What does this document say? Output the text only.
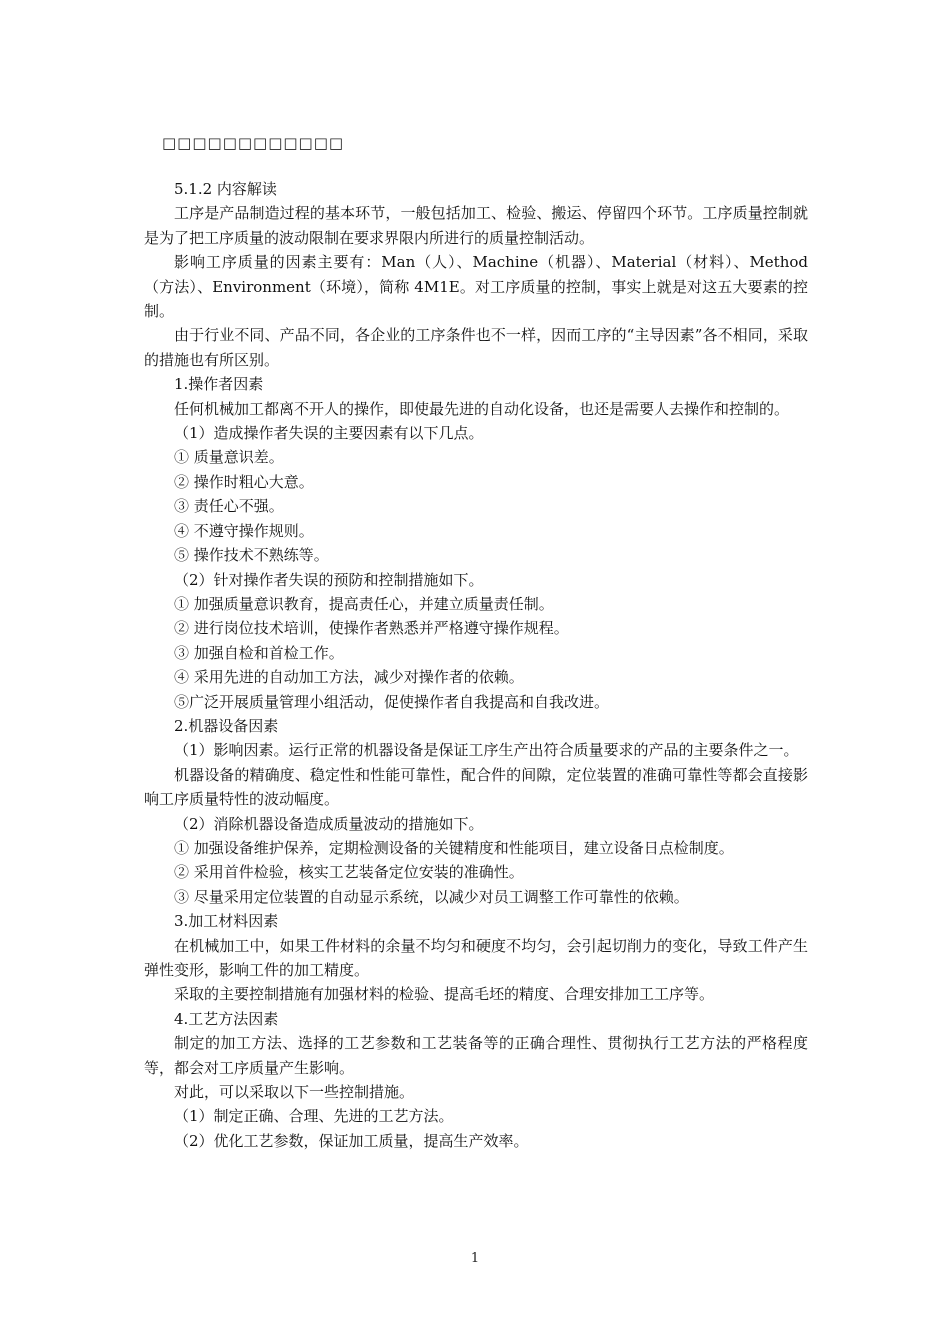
□□□□□□□□□□□□

5.1.2 内容解读

工序是产品制造过程的基本环节，一般包括加工、检验、搬运、停留四个环节。工序质量控制就是为了把工序质量的波动限制在要求界限内所进行的质量控制活动。

影响工序质量的因素主要有：Man（人）、Machine（机器）、Material（材料）、Method（方法）、Environment（环境），简称 4M1E。对工序质量的控制，事实上就是对这五大要素的控制。

由于行业不同、产品不同，各企业的工序条件也不一样，因而工序的“主导因素”各不相同，采取的措施也有所区别。

1.操作者因素

任何机械加工都离不开人的操作，即使最先进的自动化设备，也还是需要人去操作和控制的。

（1）造成操作者失误的主要因素有以下几点。

① 质量意识差。

② 操作时粗心大意。

③ 责任心不强。

④ 不遵守操作规则。

⑤ 操作技术不熟练等。

（2）针对操作者失误的预防和控制措施如下。

① 加强质量意识教育，提高责任心，并建立质量责任制。

② 进行岗位技术培训，使操作者熟悉并严格遵守操作规程。

③ 加强自检和首检工作。

④ 采用先进的自动加工方法，减少对操作者的依赖。

⑤广泛开展质量管理小组活动，促使操作者自我提高和自我改进。

2.机器设备因素

（1）影响因素。运行正常的机器设备是保证工序生产出符合质量要求的产品的主要条件之一。

机器设备的精确度、稳定性和性能可靠性，配合件的间隙，定位装置的准确可靠性等都会直接影响工序质量特性的波动幅度。

（2）消除机器设备造成质量波动的措施如下。

① 加强设备维护保养，定期检测设备的关键精度和性能项目，建立设备日点检制度。

② 采用首件检验，核实工艺装备定位安装的准确性。

③ 尽量采用定位装置的自动显示系统，以减少对员工调整工作可靠性的依赖。

3.加工材料因素

在机械加工中，如果工件材料的余量不均匀和硬度不均匀，会引起切削力的变化，导致工件产生弹性变形，影响工件的加工精度。

采取的主要控制措施有加强材料的检验、提高毛坯的精度、合理安排加工工序等。

4.工艺方法因素

制定的加工方法、选择的工艺参数和工艺装备等的正确合理性、贯彻执行工艺方法的严格程度等，都会对工序质量产生影响。

对此，可以采取以下一些控制措施。

（1）制定正确、合理、先进的工艺方法。

（2）优化工艺参数，保证加工质量，提高生产效率。

1
